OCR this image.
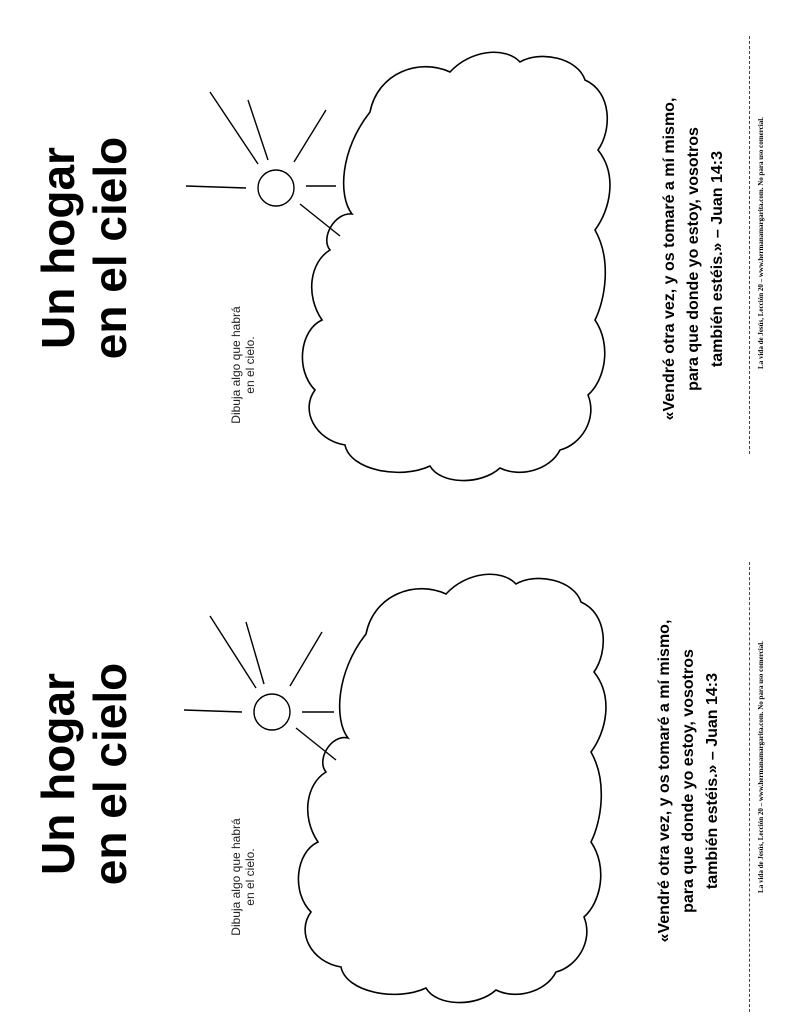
Un hogar en el cielo
Dibuja algo que habrá en el cielo.	«Vendré otra vez, y os tomaré a mí mismo, para que donde yo estoy, vosotros también estéis.» – Juan 14:3	La vida de Jesús, Lección 20 – www.hermanamargarita.com. No para uso comercial.
Un hogar en el cielo	Dibuja algo que habrá en el cielo.	«Vendré otra vez, y os tomaré a mí mismo, para que donde yo estoy, vosotros también estéis.» – Juan 14:3	La vida de Jesús, Lección 20 – www.hermanamargarita.com. No para uso comercial.
